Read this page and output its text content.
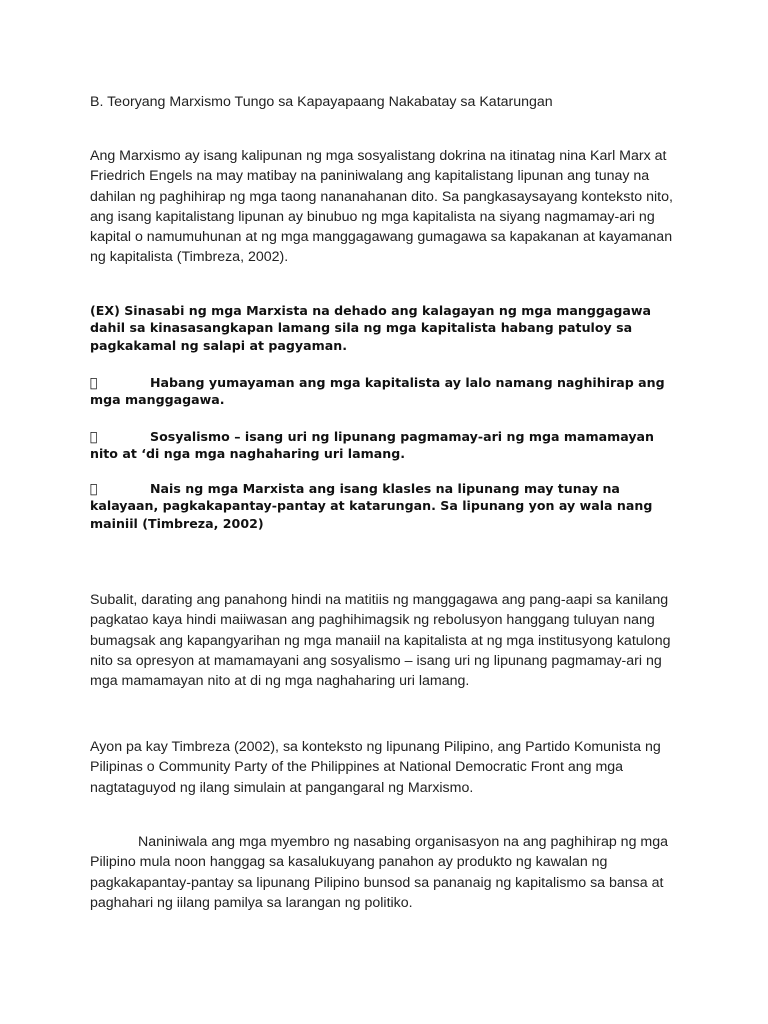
B. Teoryang Marxismo Tungo sa Kapayapaang Nakabatay sa Katarungan

Ang Marxismo ay isang kalipunan ng mga sosyalistang dokrina na itinatag nina Karl Marx at Friedrich Engels na may matibay na paniniwalang ang kapitalistang lipunan ang tunay na dahilan ng paghihirap ng mga taong nananahanan dito. Sa pangkasaysayang konteksto nito, ang isang kapitalistang lipunan ay binubuo ng mga kapitalista na siyang nagmamay-ari ng kapital o namumuhunan at ng mga manggagawang gumagawa sa kapakanan at kayamanan ng kapitalista (Timbreza, 2002).

(EX) Sinasabi ng mga Marxista na dehado ang kalagayan ng mga manggagawa dahil sa kinasasangkapan lamang sila ng mga kapitalista habang patuloy sa pagkakamal ng salapi at pagyaman.

Habang yumayaman ang mga kapitalista ay lalo namang naghihirap ang mga manggagawa.
Sosyalismo – isang uri ng lipunang pagmamay-ari ng mga mamamayan nito at ‘di nga mga naghaharing uri lamang.
Nais ng mga Marxista ang isang klasles na lipunang may tunay na kalayaan, pagkakapantay-pantay at katarungan. Sa lipunang yon ay wala nang mainiil (Timbreza, 2002)

Subalit, darating ang panahong hindi na matitiis ng manggagawa ang pang-aapi sa kanilang pagkatao kaya hindi maiiwasan ang paghihimagsik ng rebolusyon hanggang tuluyan nang bumagsak ang kapangyarihan ng mga manaiil na kapitalista at ng mga institusyong katulong nito sa opresyon at mamamayani ang sosyalismo – isang uri ng lipunang pagmamay-ari ng mga mamamayan nito at di ng mga naghaharing uri lamang.

Ayon pa kay Timbreza (2002), sa konteksto ng lipunang Pilipino, ang Partido Komunista ng Pilipinas o Community Party of the Philippines at National Democratic Front ang mga nagtataguyod ng ilang simulain at pangangaral ng Marxismo.

Naniniwala ang mga myembro ng nasabing organisasyon na ang paghihirap ng mga Pilipino mula noon hanggag sa kasalukuyang panahon ay produkto ng kawalan ng pagkakapantay-pantay sa lipunang Pilipino bunsod sa pananaig ng kapitalismo sa bansa at paghahari ng iilang pamilya sa larangan ng politiko.
